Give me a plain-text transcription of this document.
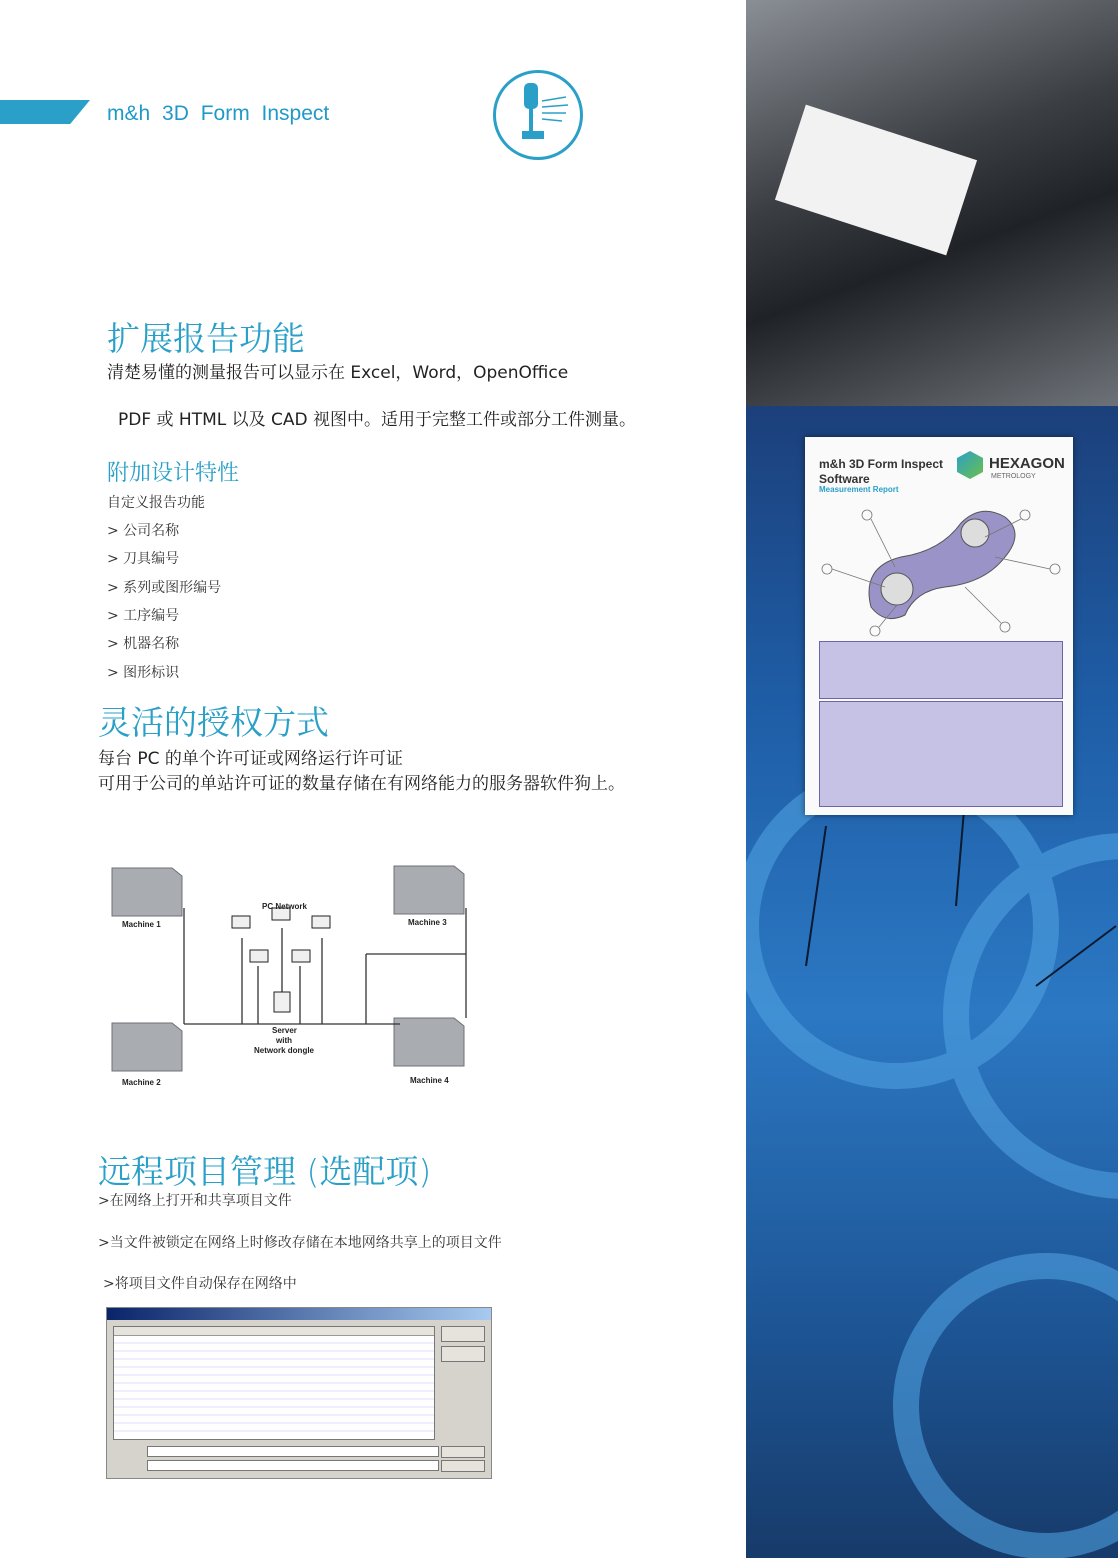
m&h 3D Form Inspect
扩展报告功能
清楚易懂的测量报告可以显示在 Excel，Word，OpenOffice
PDF 或 HTML 以及 CAD 视图中。适用于完整工件或部分工件测量。
附加设计特性
自定义报告功能
> 公司名称
> 刀具编号
> 系列或图形编号
> 工序编号
> 机器名称
> 图形标识
灵活的授权方式
每台 PC 的单个许可证或网络运行许可证
可用于公司的单站许可证的数量存储在有网络能力的服务器软件狗上。
PC Network
Machine 1
Machine 2
Machine 3
Machine 4
Server
with
Network dongle
远程项目管理 (选配项)
>在网络上打开和共享项目文件
>当文件被锁定在网络上时修改存储在本地网络共享上的项目文件
>将项目文件自动保存在网络中
m&h 3D Form Inspect
Software
Measurement Report
HEXAGON
METROLOGY
